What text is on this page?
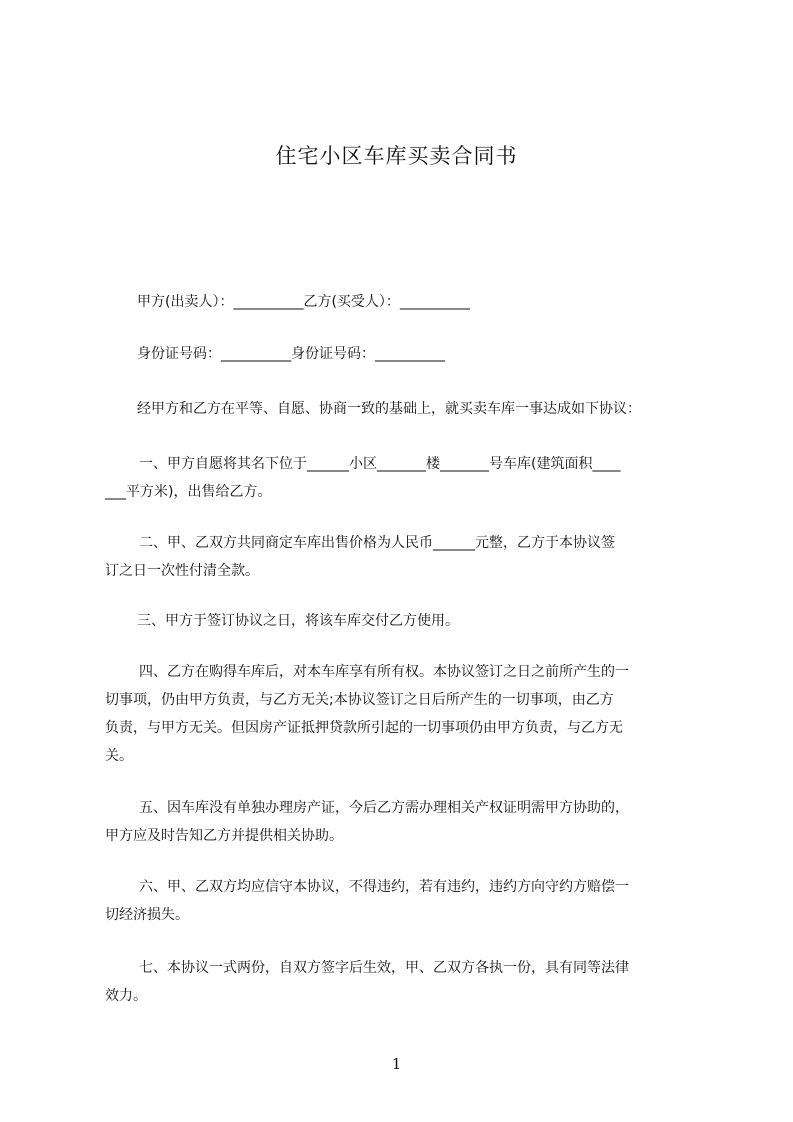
住宅小区车库买卖合同书

甲方(出卖人）：__________乙方(买受人）：__________

身份证号码：__________身份证号码：__________

经甲方和乙方在平等、自愿、协商一致的基础上，就买卖车库一事达成如下协议：

一、甲方自愿将其名下位于______小区_______楼_______号车库(建筑面积____
___平方米)，出售给乙方。
二、甲、乙双方共同商定车库出售价格为人民币______元整，乙方于本协议签
订之日一次性付清全款。
三、甲方于签订协议之日，将该车库交付乙方使用。
四、乙方在购得车库后，对本车库享有所有权。本协议签订之日之前所产生的一
切事项，仍由甲方负责，与乙方无关;本协议签订之日后所产生的一切事项，由乙方
负责，与甲方无关。但因房产证抵押贷款所引起的一切事项仍由甲方负责，与乙方无
关。
五、因车库没有单独办理房产证，今后乙方需办理相关产权证明需甲方协助的，
甲方应及时告知乙方并提供相关协助。
六、甲、乙双方均应信守本协议，不得违约，若有违约，违约方向守约方赔偿一
切经济损失。
七、本协议一式两份，自双方签字后生效，甲、乙双方各执一份，具有同等法律
效力。
1
